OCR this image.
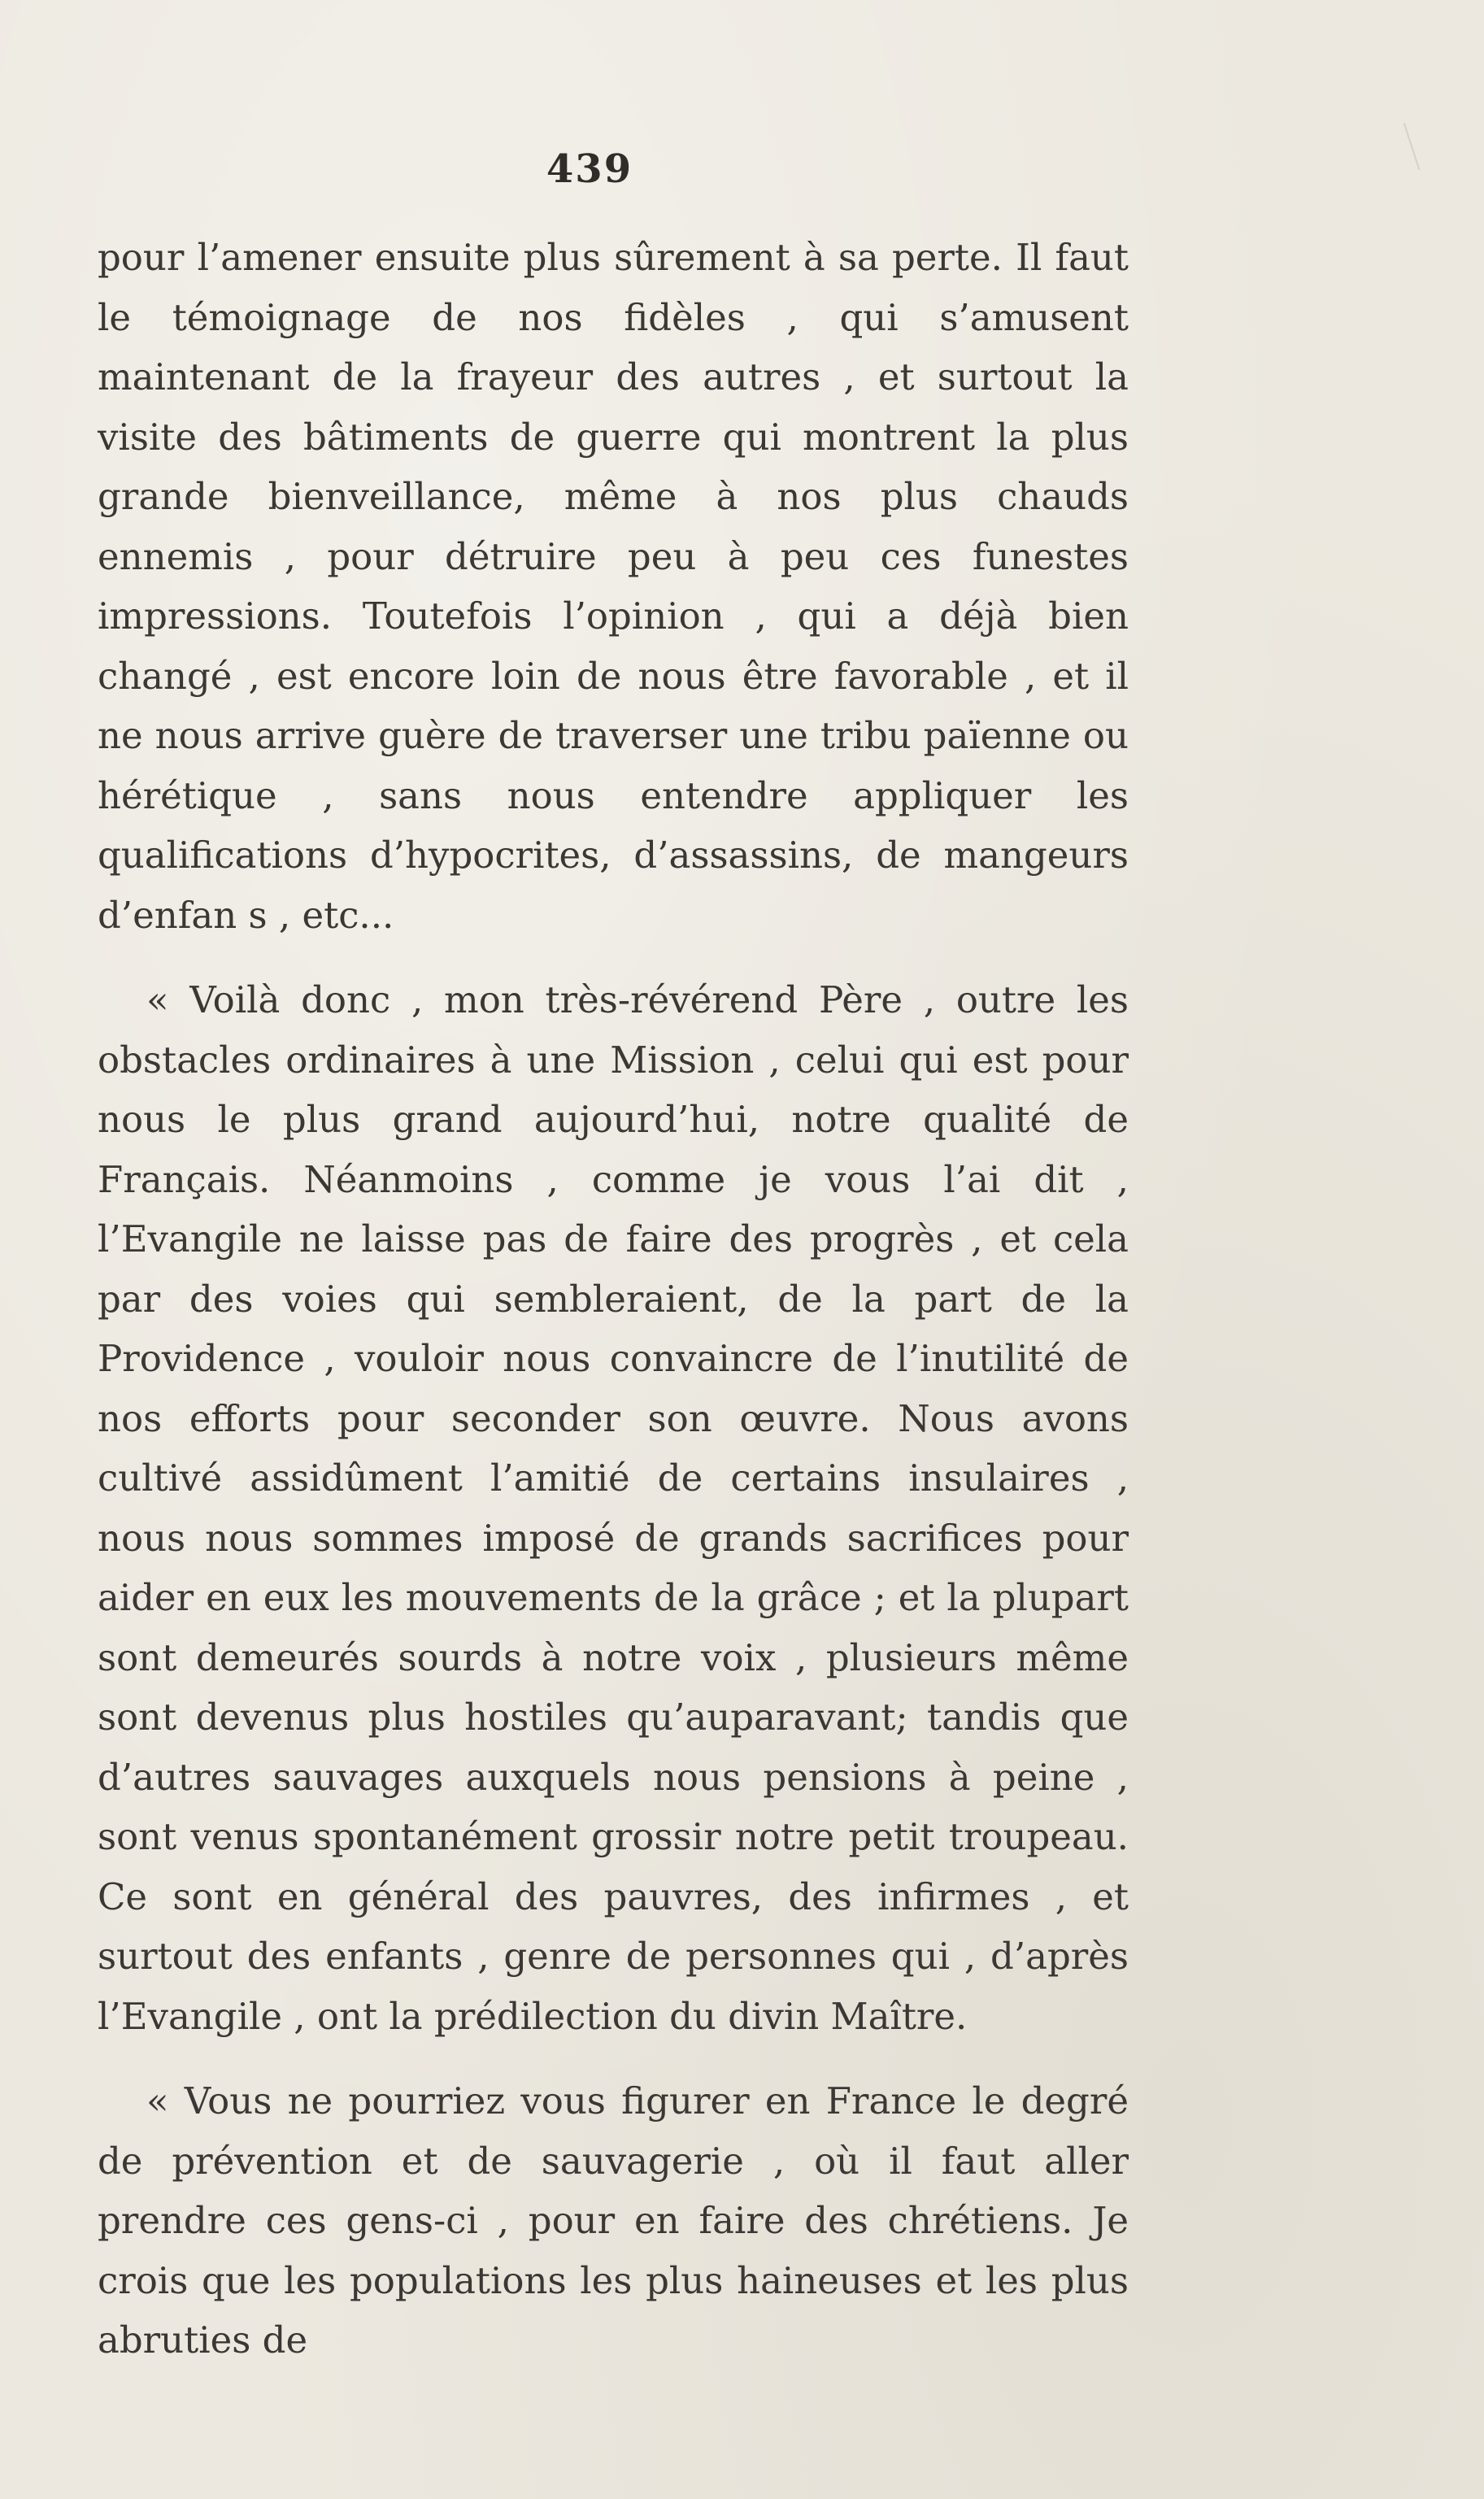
439

pour l’amener ensuite plus sûrement à sa perte. Il faut le témoignage de nos fidèles , qui s’amusent maintenant de la frayeur des autres , et surtout la visite des bâtiments de guerre qui montrent la plus grande bienveillance, même à nos plus chauds ennemis , pour détruire peu à peu ces funestes impressions. Toutefois l’opinion , qui a déjà bien changé , est encore loin de nous être favorable , et il ne nous arrive guère de traverser une tribu païenne ou hérétique , sans nous entendre appliquer les qualifications d’hypocrites, d’assassins, de mangeurs d’enfan s , etc...

« Voilà donc , mon très-révérend Père , outre les obstacles ordinaires à une Mission , celui qui est pour nous le plus grand aujourd’hui, notre qualité de Français. Néanmoins , comme je vous l’ai dit , l’Evangile ne laisse pas de faire des progrès , et cela par des voies qui sembleraient, de la part de la Providence , vouloir nous convaincre de l’inutilité de nos efforts pour seconder son œuvre. Nous avons cultivé assidûment l’amitié de certains insulaires , nous nous sommes imposé de grands sacrifices pour aider en eux les mouvements de la grâce ; et la plupart sont demeurés sourds à notre voix , plusieurs même sont devenus plus hostiles qu’auparavant; tandis que d’autres sauvages auxquels nous pensions à peine , sont venus spontanément grossir notre petit troupeau. Ce sont en général des pauvres, des infirmes , et surtout des enfants , genre de personnes qui , d’après l’Evangile , ont la prédilection du divin Maître.

« Vous ne pourriez vous figurer en France le degré de prévention et de sauvagerie , où il faut aller prendre ces gens-ci , pour en faire des chrétiens. Je crois que les populations les plus haineuses et les plus abruties de
